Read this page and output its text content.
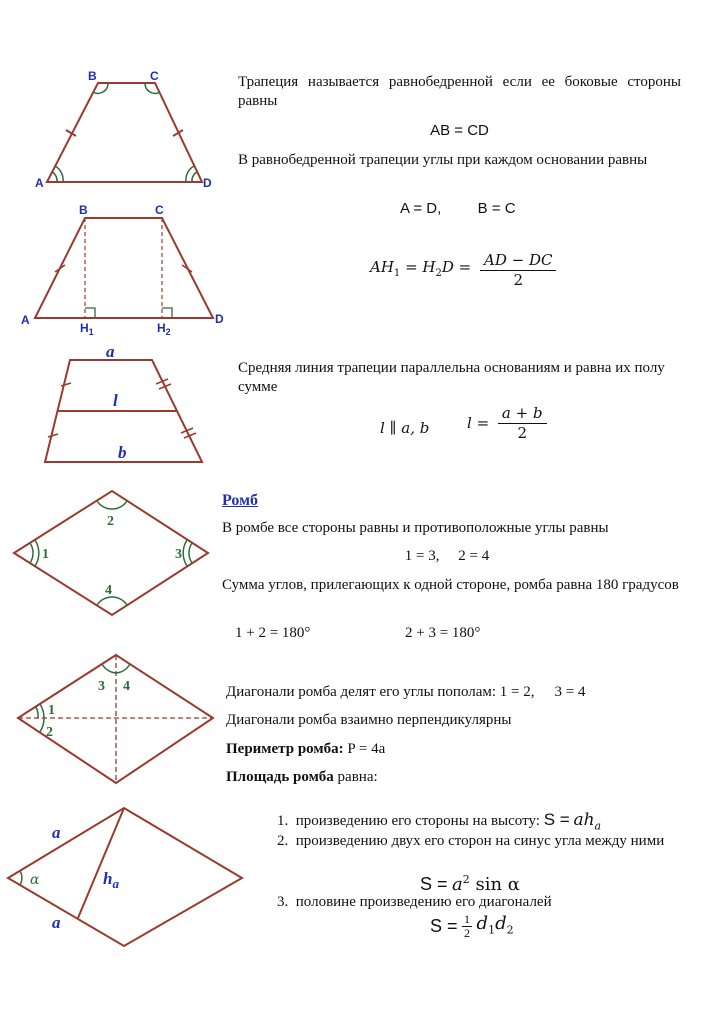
B	C
A	D
B	C
A	D
$H_1$	$H_2$
a
l
b
1
2
3
4
1
2
3 4
a
a
α	$h_a$
Трапеция называется равнобедренной если ее боковые стороны равны
AB = CD
В равнобедренной трапеции углы при каждом основании равны
A = D, B = C
$AH_1 = H_2D = \frac{AD - DC}{2}$
Средняя линия трапеции параллельна основаниям и равна их полу сумме
l ∥ a, b	$l = \frac{a + b}{2}$
Ромб
В ромбе все стороны равны и противоположные углы равны
1 = 3,     2 = 4
Сумма углов, прилегающих к одной стороне, ромба равна 180 градусов
1 + 2 = 180°	2 + 3 = 180°
Диагонали ромба делят его углы пополам: 1 = 2, 3 = 4
Диагонали ромба взаимно перпендикулярны
Периметр ромба: P = 4a
Площадь ромба равна:
1. произведению его стороны на высоту: $S = ah_a$
2. произведению двух его сторон на синус угла между ними
$S = a^2$ sin α
3. половине произведению его диагоналей
$S = \frac{1}{2} d_1d_2$
